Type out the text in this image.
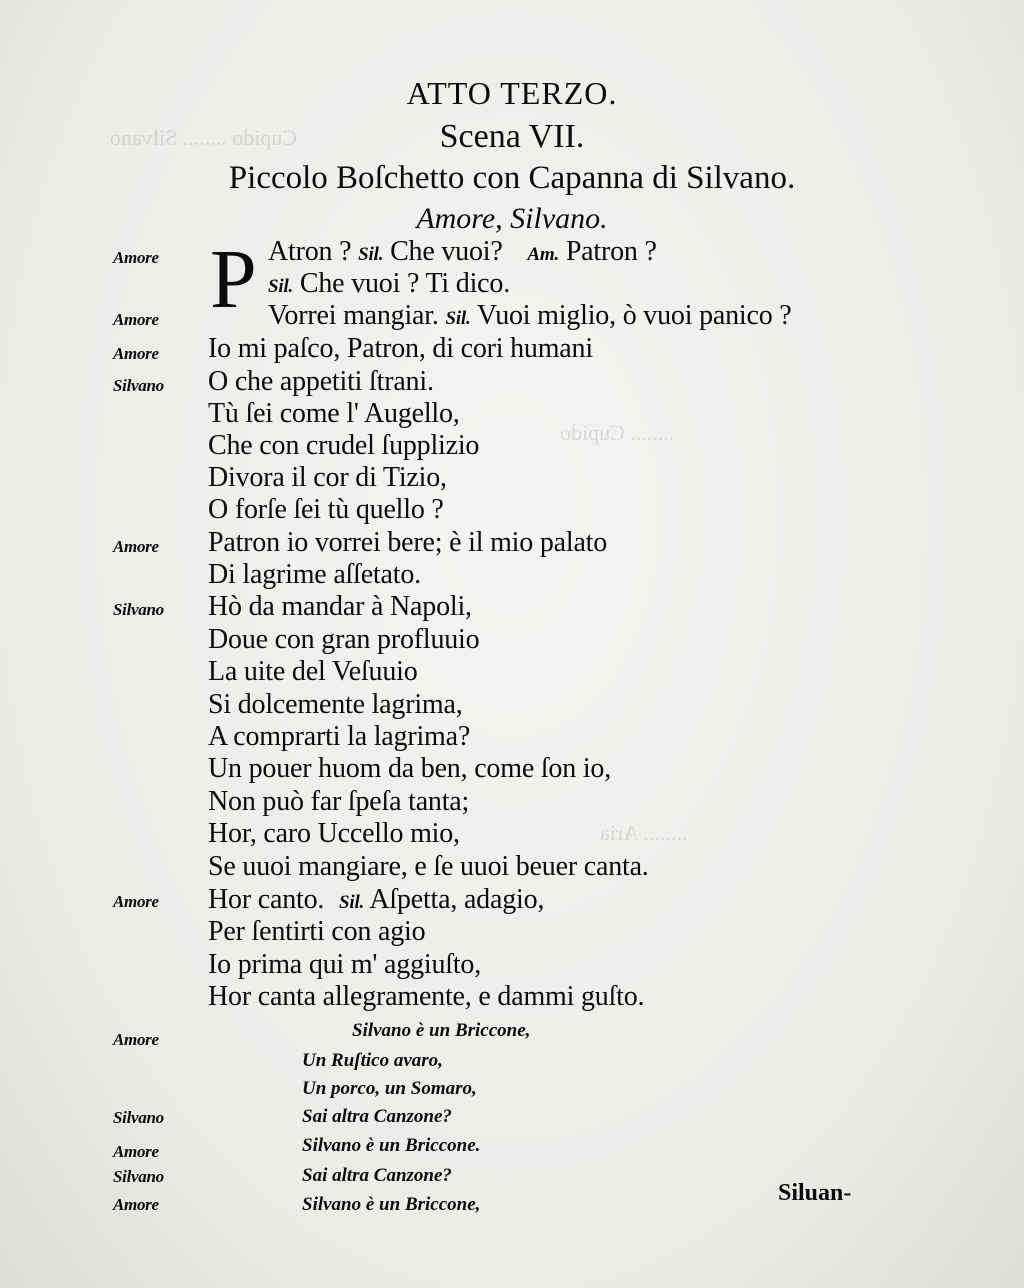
Cupido ........ Silvano
........ Cupido
........ Aria
ATTO TERZO.
Scena VII.
Piccolo Boſchetto con Capanna di Silvano.
Amore, Silvano.
Amore
Amore
Amore
Silvano
Amore
Silvano
Amore
Amore
Silvano
Amore
Silvano
Amore
P Atron ? Sil. Che vuoi? Am. Patron ?
Sil. Che vuoi ? Ti dico.
Vorrei mangiar. Sil. Vuoi miglio, ò vuoi panico ?
Io mi paſco, Patron, di cori humani
O che appetiti ſtrani.
Tù ſei come l' Augello,
Che con crudel ſupplizio
Divora il cor di Tizio,
O forſe ſei tù quello ?
Patron io vorrei bere; è il mio palato
Di lagrime aſſetato.
Hò da mandar à Napoli,
Doue con gran profluuio
La uite del Veſuuio
Si dolcemente lagrima,
A comprarti la lagrima?
Un pouer huom da ben, come ſon io,
Non può far ſpeſa tanta;
Hor, caro Uccello mio,
Se uuoi mangiare, e ſe uuoi beuer canta.
Hor canto. Sil. Aſpetta, adagio,
Per ſentirti con agio
Io prima qui m' aggiuſto,
Hor canta allegramente, e dammi guſto.
Silvano è un Briccone,
Un Ruſtico avaro,
Un porco, un Somaro,
Sai altra Canzone?
Silvano è un Briccone.
Sai altra Canzone?
Silvano è un Briccone,	Siluan-
